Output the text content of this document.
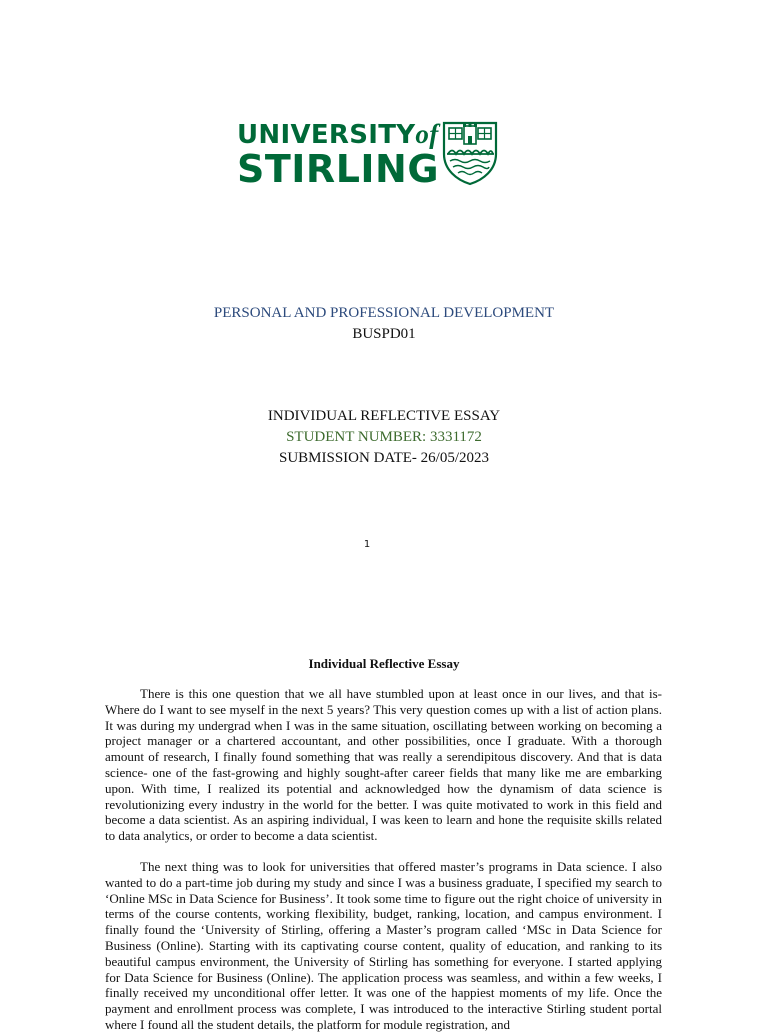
UNIVERSITYof
STIRLING
PERSONAL AND PROFESSIONAL DEVELOPMENT
BUSPD01
INDIVIDUAL REFLECTIVE ESSAY
STUDENT NUMBER: 3331172
SUBMISSION DATE- 26/05/2023
1
Individual Reflective Essay

There is this one question that we all have stumbled upon at least once in our lives, and that is- Where do I want to see myself in the next 5 years? This very question comes up with a list of action plans. It was during my undergrad when I was in the same situation, oscillating between working on becoming a project manager or a chartered accountant, and other possibilities, once I graduate. With a thorough amount of research, I finally found something that was really a serendipitous discovery. And that is data science- one of the fast-growing and highly sought-after career fields that many like me are embarking upon. With time, I realized its potential and acknowledged how the dynamism of data science is revolutionizing every industry in the world for the better. I was quite motivated to work in this field and become a data scientist. As an aspiring individual, I was keen to learn and hone the requisite skills related to data analytics, or order to become a data scientist.

The next thing was to look for universities that offered master’s programs in Data science. I also wanted to do a part-time job during my study and since I was a business graduate, I specified my search to ‘Online MSc in Data Science for Business’. It took some time to figure out the right choice of university in terms of the course contents, working flexibility, budget, ranking, location, and campus environment. I finally found the ‘University of Stirling, offering a Master’s program called ‘MSc in Data Science for Business (Online). Starting with its captivating course content, quality of education, and ranking to its beautiful campus environment, the University of Stirling has something for everyone. I started applying for Data Science for Business (Online). The application process was seamless, and within a few weeks, I finally received my unconditional offer letter. It was one of the happiest moments of my life. Once the payment and enrollment process was complete, I was introduced to the interactive Stirling student portal where I found all the student details, the platform for module registration, and
